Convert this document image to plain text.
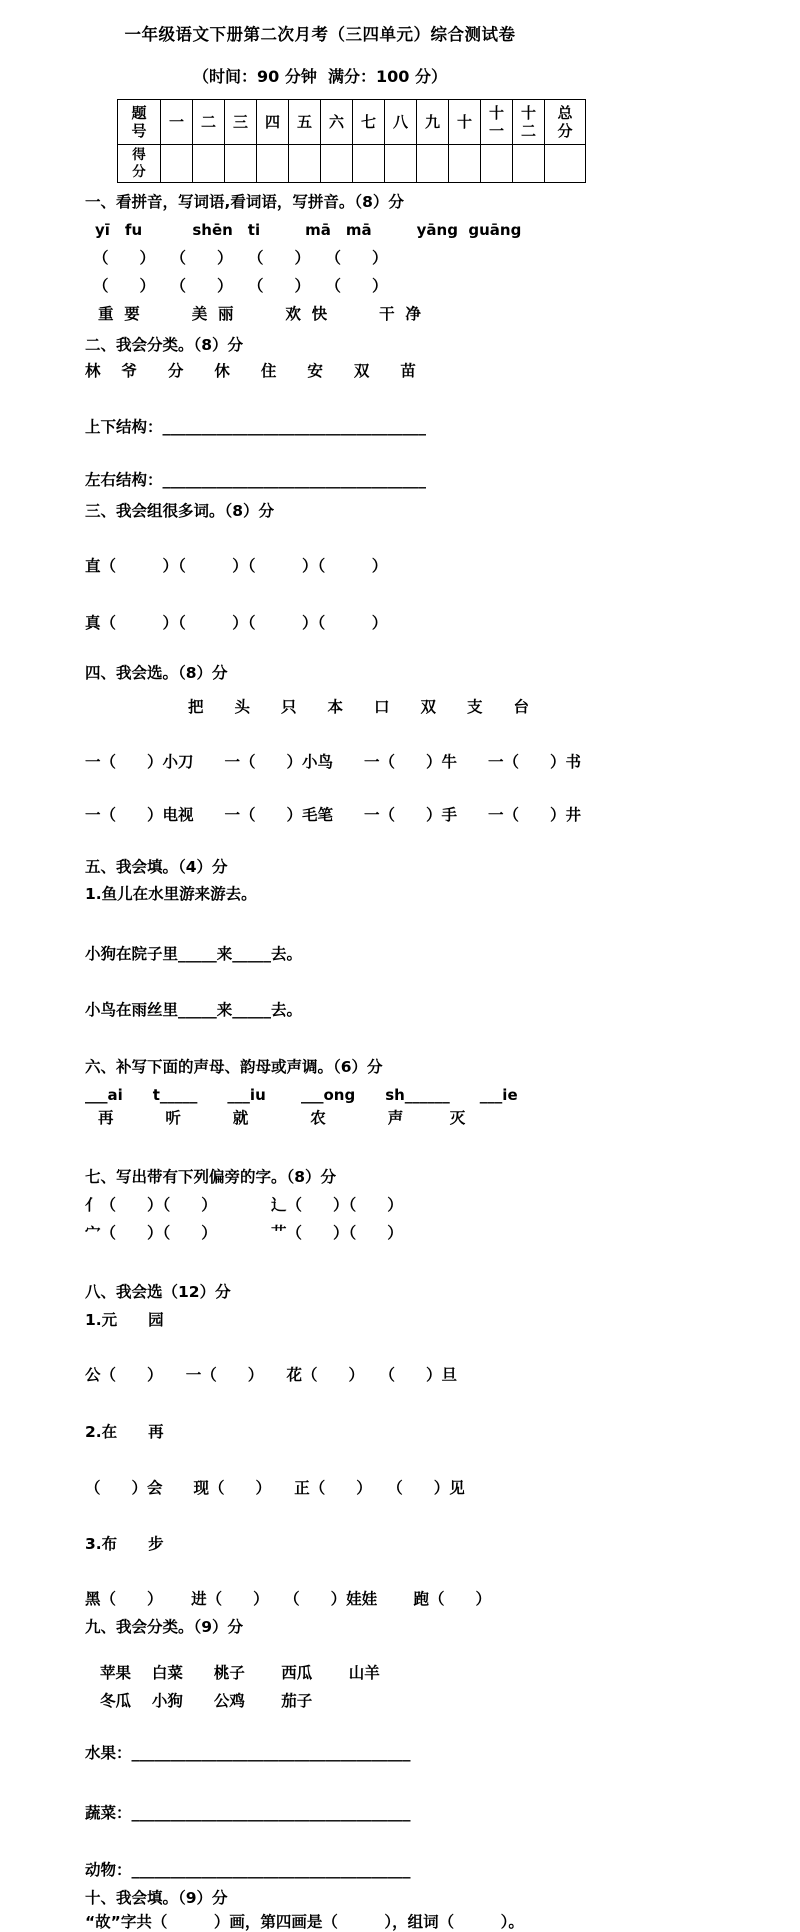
一年级语文下册第二次月考（三四单元）综合测试卷
（时间：90 分钟  满分：100 分）
题号	一	二	三	四	五	六	七	八	九	十	十一	十二	总分
得分													
一、看拼音，写词语,看词语，写拼音。（8）分
yī　fu　　　 shēn　ti　　　mā　mā　　　yāng  guāng
（　　）　　（　　）　　（　　）　　（　　）
（　　）　　（　　）　　（　　）　　（　　）
重  要　　　 美  丽　　　 欢  快　　　 干  净
二、我会分类。（8）分
林　 爷　　分　　休　　住　　安　　双　　苗
上下结构：__________________________________
左右结构：__________________________________
三、我会组很多词。（8）分
直（　　　）（　　　）（　　　）（　　　）
真（　　　）（　　　）（　　　）（　　　）
四、我会选。（8）分
把　　头　　只　　本　　口　　双　　支　　台
一（　　）小刀　　一（　　）小鸟　　一（　　）牛　　一（　　）书
一（　　）电视　　一（　　）毛笔　　一（　　）手　　一（　　）井
五、我会填。（4）分
1.鱼儿在水里游来游去。
小狗在院子里_____来_____去。
小鸟在雨丝里_____来_____去。
六、补写下面的声母、韵母或声调。（6）分
___ai　　t_____　　___iu　　 ___ong　　sh______　　___ie
再　　　 听　　　 就　　　　农　　　　声　　　灭
七、写出带有下列偏旁的字。（8）分
亻（　　）（　　）　　　　辶（　　）（　　）
宀（　　）（　　）　　　　艹（　　）（　　）
八、我会选（12）分
1.元　　园
公（　　）　　一（　　）　　花（　　）　　（　　）旦
2.在　　再
（　　）会　　现（　　）　　正（　　）　　（　　）见
3.布　　步
黑（　　）　　 进（　　）　　（　　）娃娃　　 跑（　　）
九、我会分类。（9）分
苹果　 白菜　　桃子　　 西瓜　　 山羊
冬瓜　 小狗　　公鸡　　 茄子
水果：____________________________________
蔬菜：____________________________________
动物：____________________________________
十、我会填。（9）分
“故”字共（　　　）画，第四画是（　　　），组词（　　　）。
